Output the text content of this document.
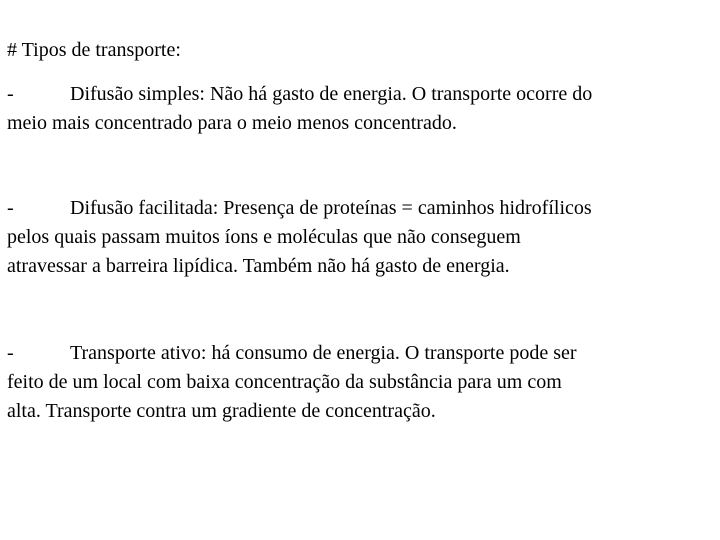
# Tipos de transporte:
-	Difusão simples: Não há gasto de energia. O transporte ocorre do
meio mais concentrado para o meio menos concentrado.
-	Difusão facilitada: Presença de proteínas = caminhos hidrofílicos
pelos quais passam muitos íons e moléculas que não conseguem
atravessar a barreira lipídica. Também não há gasto de energia.
-	Transporte ativo: há consumo de energia. O transporte pode ser
feito de um local com baixa concentração da substância para um com
alta. Transporte contra um gradiente de concentração.
